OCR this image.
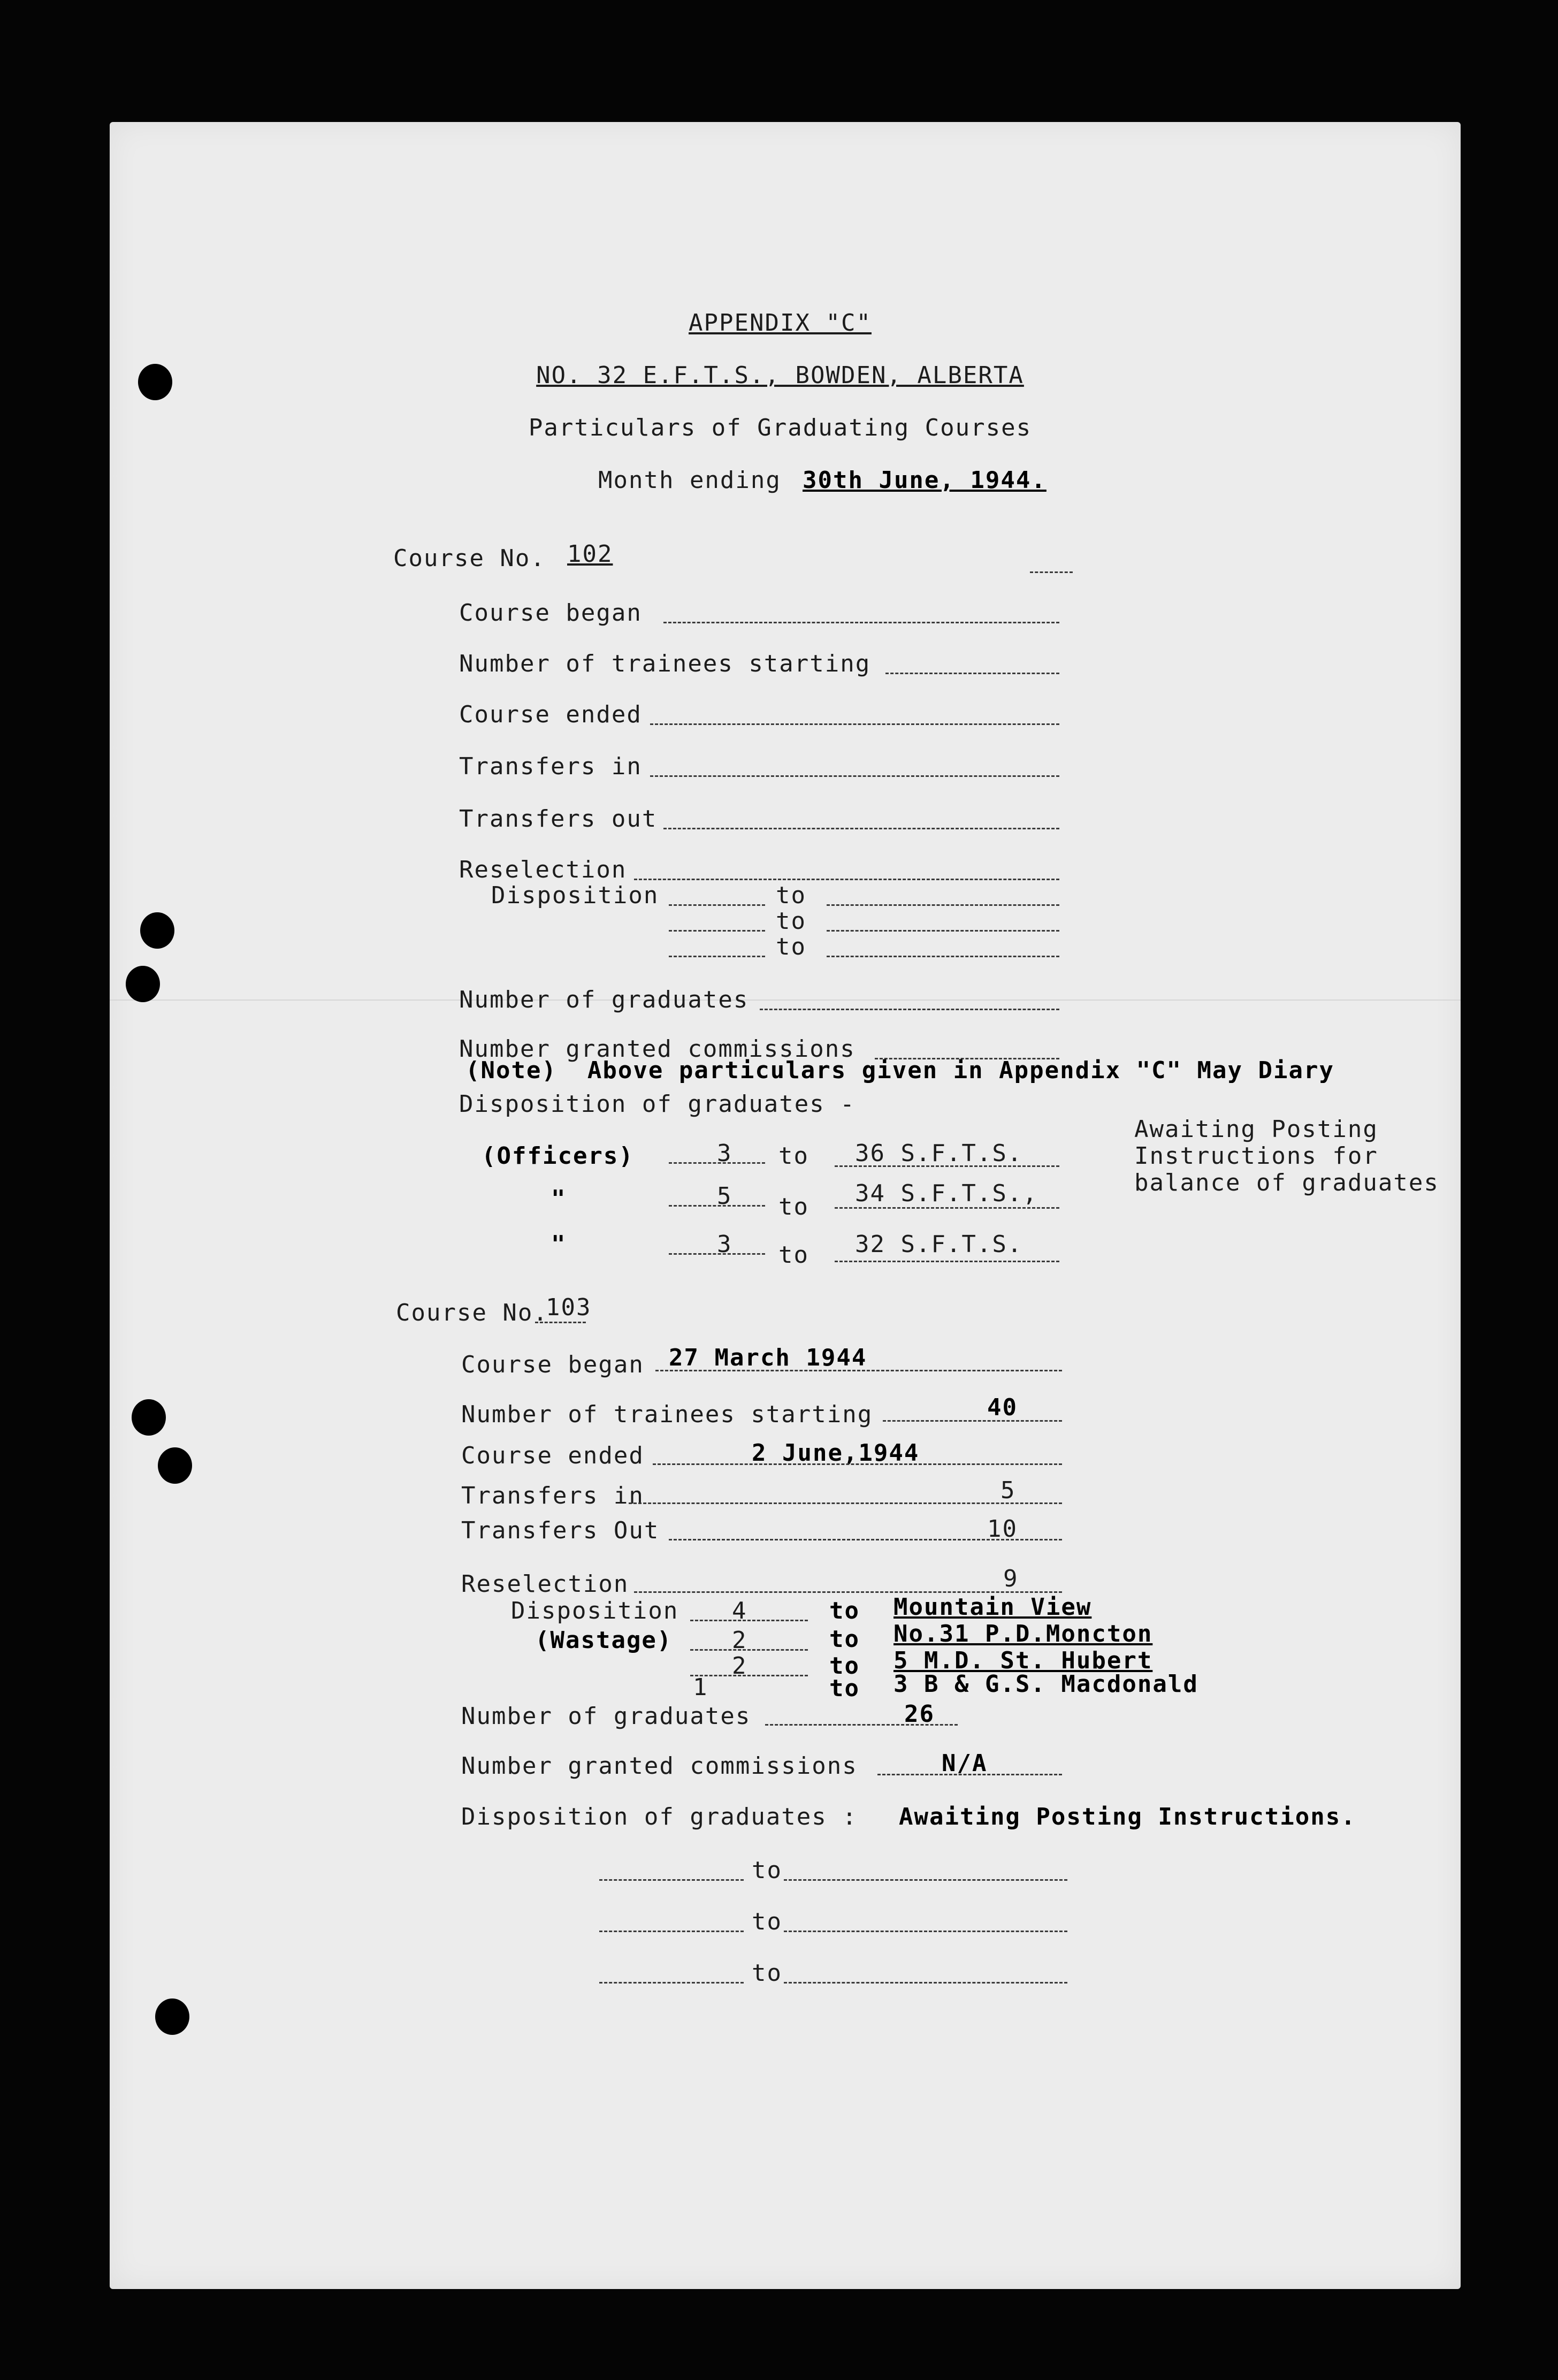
APPENDIX "C"
NO. 32 E.F.T.S., BOWDEN, ALBERTA
Particulars of Graduating Courses
Month ending 30th June, 1944.
Course No. 102
Course began
Number of trainees starting
Course ended
Transfers in
Transfers out
Reselection
Disposition	to
to
to
Number of graduates
Number granted commissions
(Note)  Above particulars given in Appendix "C" May Diary
Disposition of graduates -
(Officers)	3 to 36 S.F.T.S.
"	5 to 34 S.F.T.S.,
"	3 to 32 S.F.T.S.
Awaiting Posting
Instructions for
balance of graduates
Course No.
103
Course began 27 March 1944
Number of trainees starting	40
Course ended	2 June,1944
Transfers in	5
Transfers Out	10
Reselection	9
Disposition
(Wastage)
4	to Mountain View
2	to No.31 P.D.Moncton
2	to 5 M.D. St. Hubert
1	to 3 B & G.S. Macdonald
Number of graduates	26
Number granted commissions	N/A
Disposition of graduates : Awaiting Posting Instructions.
to
to
to
